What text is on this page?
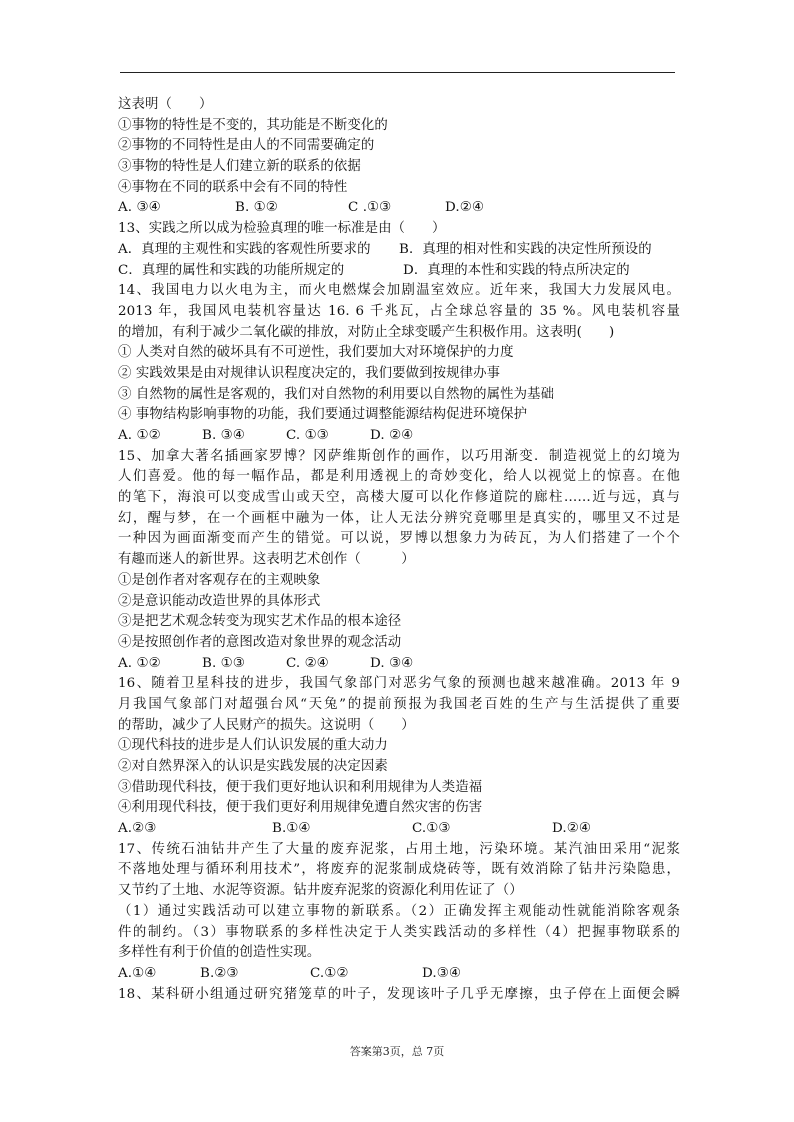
这表明（　　）
①事物的特性是不变的，其功能是不断变化的
②事物的不同特性是由人的不同需要确定的
③事物的特性是人们建立新的联系的依据
④事物在不同的联系中会有不同的特性
A. ③④	B. ①②	C .①③	D.②④
13、实践之所以成为检验真理的唯一标准是由（　　）
A．真理的主观性和实践的客观性所要求的	B．真理的相对性和实践的决定性所预设的
C．真理的属性和实践的功能所规定的	D．真理的本性和实践的特点所决定的
14、我国电力以火电为主，而火电燃煤会加剧温室效应。近年来，我国大力发展风电。
2013 年，我国风电装机容量达 16. 6 千兆瓦，占全球总容量的 35 %。风电装机容量
的增加，有利于减少二氧化碳的排放，对防止全球变暖产生积极作用。这表明(　　)
① 人类对自然的破坏具有不可逆性，我们要加大对环境保护的力度
② 实践效果是由对规律认识程度决定的，我们要做到按规律办事
③ 自然物的属性是客观的，我们对自然物的利用要以自然物的属性为基础
④ 事物结构影响事物的功能，我们要通过调整能源结构促进环境保护
A. ①②	B. ③④	C. ①③	D. ②④
15、加拿大著名插画家罗博？冈萨维斯创作的画作，以巧用渐变．制造视觉上的幻境为
人们喜爱。他的每一幅作品，都是利用透视上的奇妙变化，给人以视觉上的惊喜。在他
的笔下，海浪可以变成雪山或天空，高楼大厦可以化作修道院的廊柱……近与远，真与
幻，醒与梦，在一个画框中融为一体，让人无法分辨究竟哪里是真实的，哪里又不过是
一种因为画面渐变而产生的错觉。可以说，罗博以想象力为砖瓦，为人们搭建了一个个
有趣而迷人的新世界。这表明艺术创作（　　　）
①是创作者对客观存在的主观映象
②是意识能动改造世界的具体形式
③是把艺术观念转变为现实艺术作品的根本途径
④是按照创作者的意图改造对象世界的观念活动
A. ①②	B. ①③	C. ②④	D. ③④
16、随着卫星科技的进步，我国气象部门对恶劣气象的预测也越来越准确。2013 年 9
月我国气象部门对超强台风“天兔”的提前预报为我国老百姓的生产与生活提供了重要
的帮助，减少了人民财产的损失。这说明（　　）
①现代科技的进步是人们认识发展的重大动力
②对自然界深入的认识是实践发展的决定因素
③借助现代科技，便于我们更好地认识和利用规律为人类造福
④利用现代科技，便于我们更好利用规律免遭自然灾害的伤害
A.②③	B.①④	C.①③	D.②④
17、传统石油钻井产生了大量的废弃泥浆，占用土地，污染环境。某汽油田采用“泥浆
不落地处理与循环利用技术”，将废弃的泥浆制成烧砖等，既有效消除了钻井污染隐患，
又节约了土地、水泥等资源。钻井废弃泥浆的资源化利用佐证了（）
（1）通过实践活动可以建立事物的新联系。（2）正确发挥主观能动性就能消除客观条
件的制约。（3）事物联系的多样性决定于人类实践活动的多样性（4）把握事物联系的
多样性有利于价值的创造性实现。
A.①④	B.②③	C.①②	D.③④
18、某科研小组通过研究猪笼草的叶子，发现该叶子几乎无摩擦，虫子停在上面便会瞬
答案第3页，总 7页
